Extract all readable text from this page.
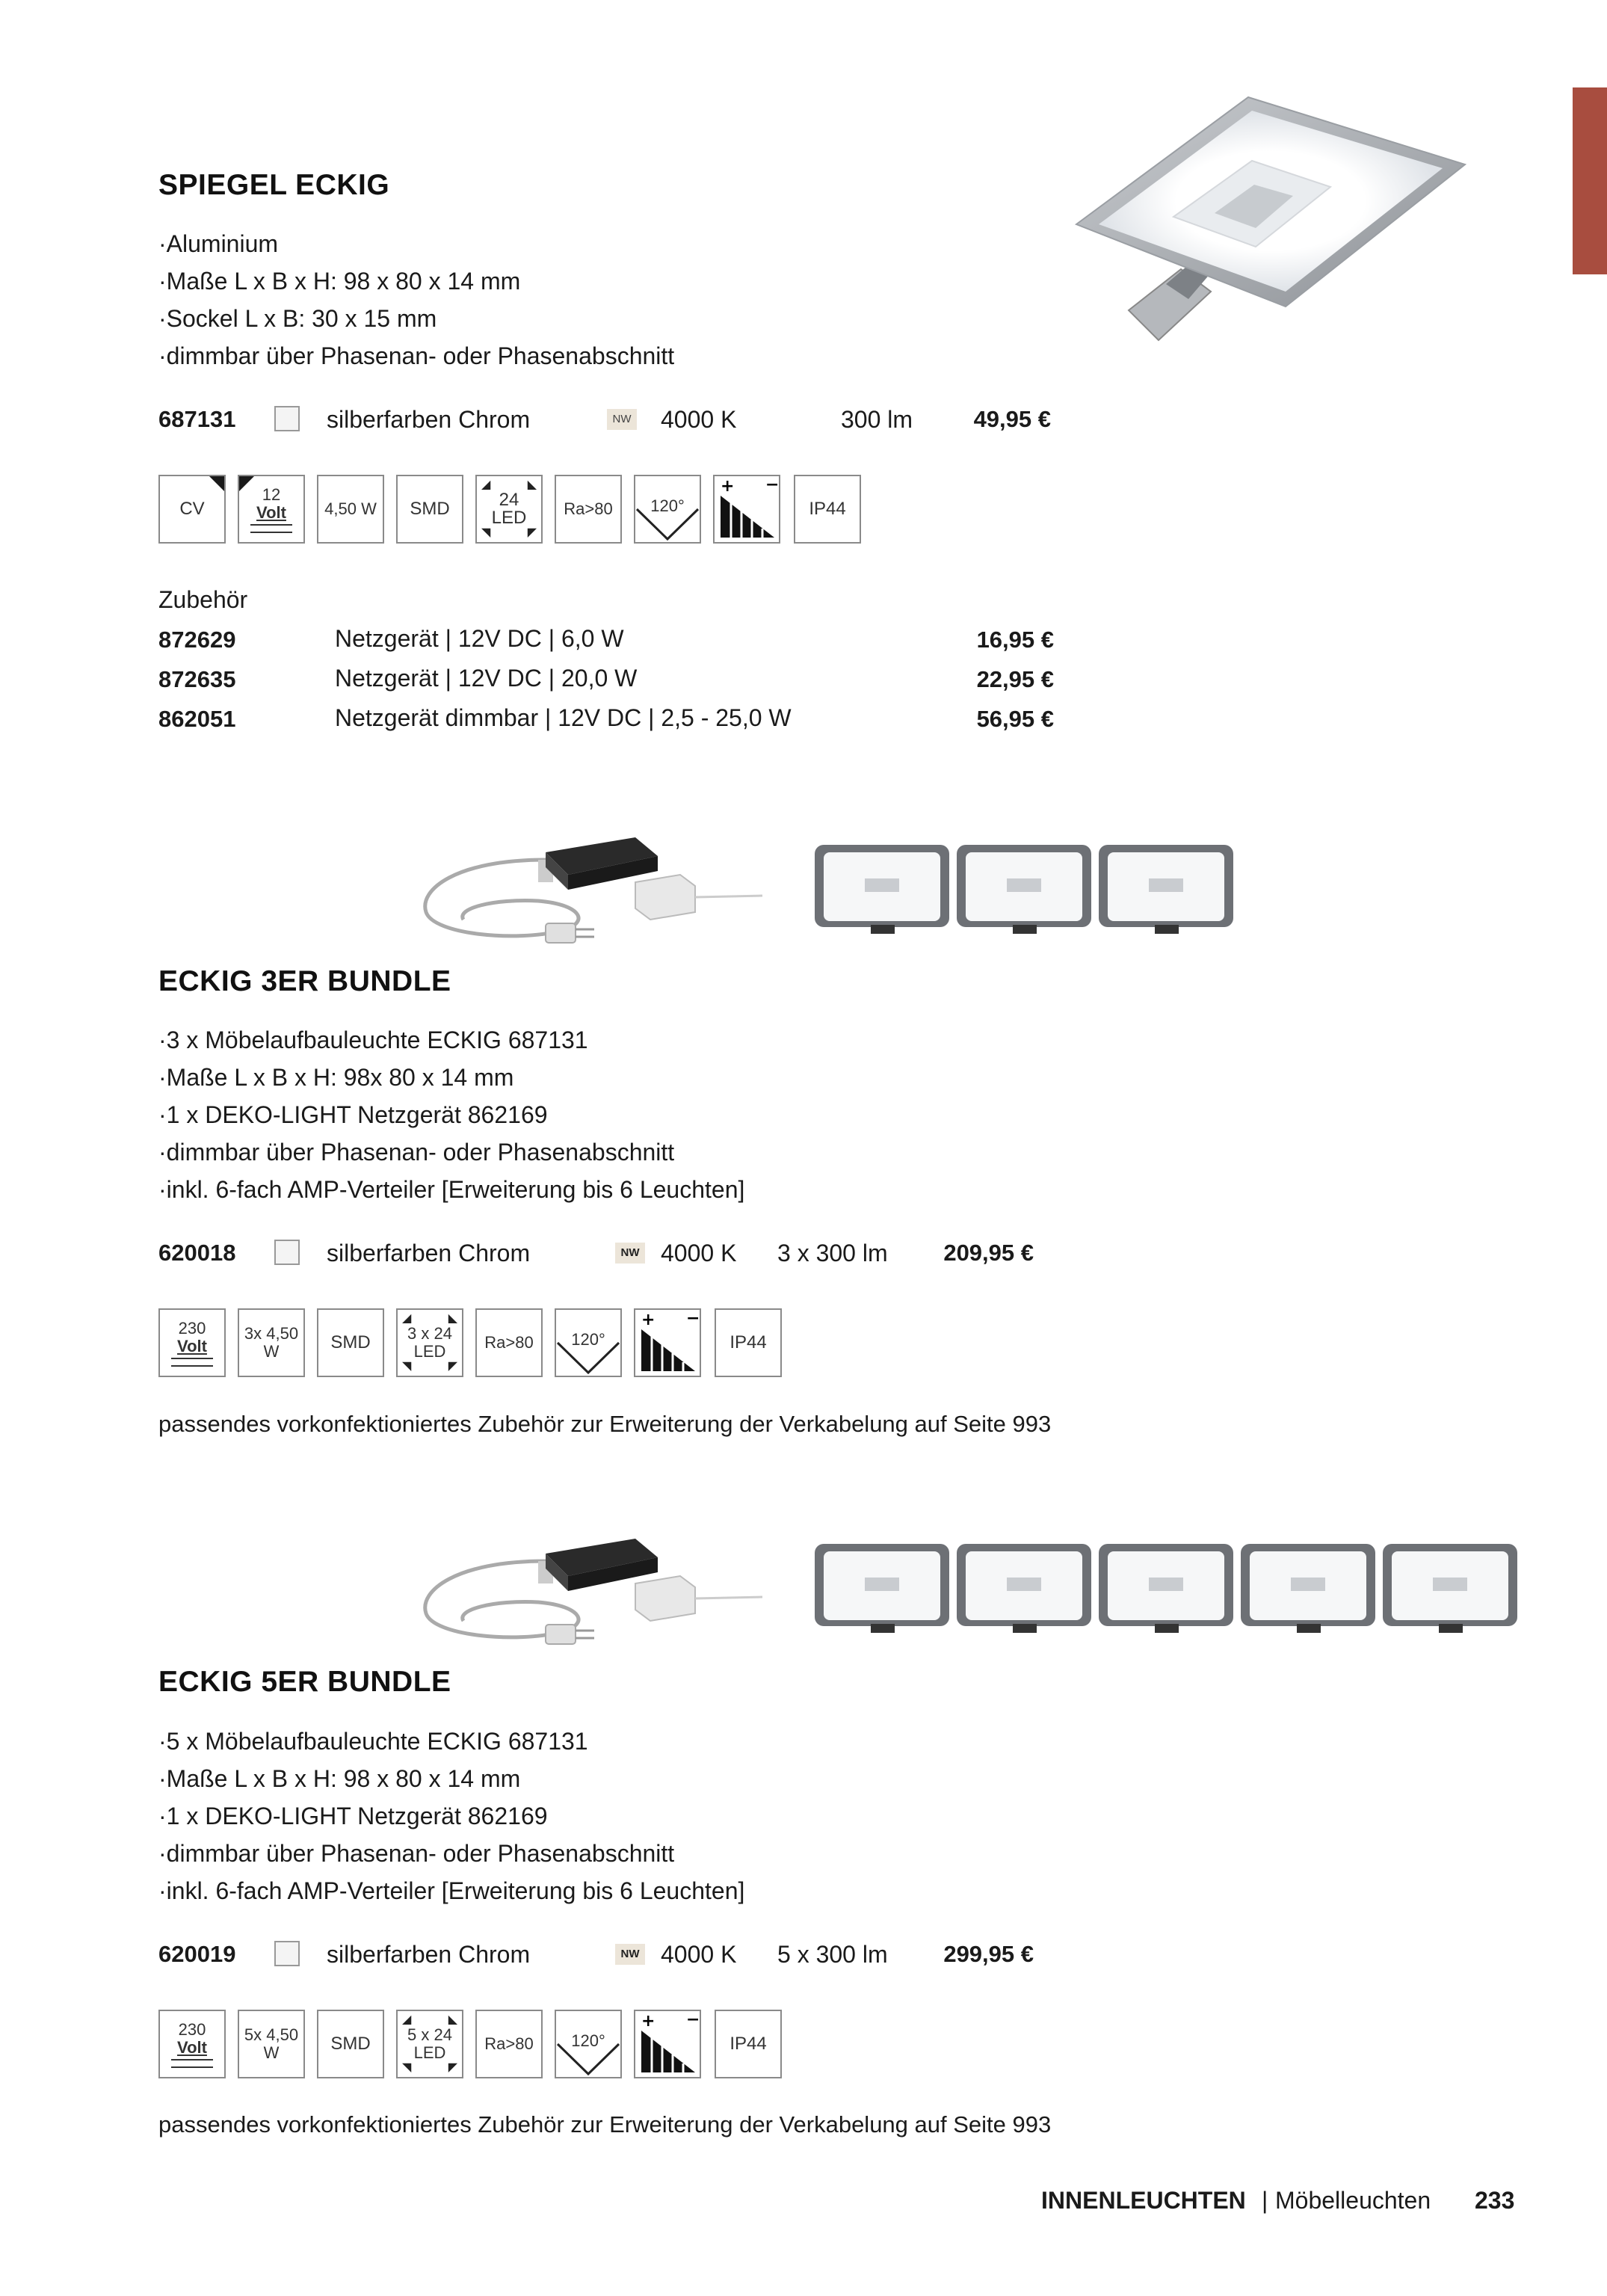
SPIEGEL ECKIG
· Aluminium
· Maße L x B x H: 98 x 80 x 14 mm
· Sockel L x B: 30 x 15 mm
· dimmbar über Phasenan- oder Phasenabschnitt
687131	silberfarben Chrom	NW 4000 K	300 lm	49,95 €
CV
12
Volt	4,50 W	SMD
◢	◣
◥	◤
24
LED	Ra>80	120°
+ −
IP44
Zubehör
872629	Netzgerät | 12V DC | 6,0 W	16,95 €
872635	Netzgerät | 12V DC | 20,0 W	22,95 €
862051	Netzgerät dimmbar | 12V DC | 2,5 - 25,0 W	56,95 €
ECKIG 3ER BUNDLE
· 3 x Möbelaufbauleuchte ECKIG 687131
· Maße L x B x H: 98x 80 x 14 mm
· 1 x DEKO-LIGHT Netzgerät 862169
· dimmbar über Phasenan- oder Phasenabschnitt
· inkl. 6-fach AMP-Verteiler [Erweiterung bis 6 Leuchten]
620018	silberfarben Chrom	NW 4000 K 3 x 300 lm	209,95 €
230
Volt
3x 4,50
W	SMD
◢	◣
◥	◤
3 x 24
LED	Ra>80	120°
+ −
IP44
passendes vorkonfektioniertes Zubehör zur Erweiterung der Verkabelung auf Seite 993
ECKIG 5ER BUNDLE
· 5 x Möbelaufbauleuchte ECKIG 687131
· Maße L x B x H: 98 x 80 x 14 mm
· 1 x DEKO-LIGHT Netzgerät 862169
· dimmbar über Phasenan- oder Phasenabschnitt
· inkl. 6-fach AMP-Verteiler [Erweiterung bis 6 Leuchten]
620019	silberfarben Chrom	NW 4000 K 5 x 300 lm	299,95 €
230
Volt
5x 4,50
W	SMD
◢	◣
◥	◤
5 x 24
LED	Ra>80	120°
+ −
IP44
passendes vorkonfektioniertes Zubehör zur Erweiterung der Verkabelung auf Seite 993
INNENLEUCHTEN | Möbelleuchten 233
